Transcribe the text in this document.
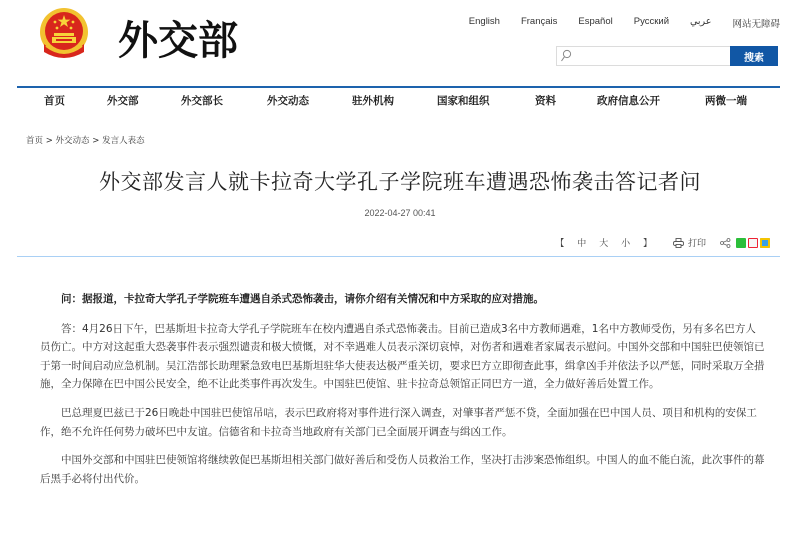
外交部	English Français Español Русский عربي 网站无障碍
搜索
首页	外交部	外交部长	外交动态	驻外机构	国家和组织	资料	政府信息公开	两微一端
首页 > 外交动态 > 发言人表态
外交部发言人就卡拉奇大学孔子学院班车遭遇恐怖袭击答记者问
2022-04-27 00:41
【 中 大 小 】	打印

问：据报道，卡拉奇大学孔子学院班车遭遇自杀式恐怖袭击，请你介绍有关情况和中方采取的应对措施。

答：4月26日下午，巴基斯坦卡拉奇大学孔子学院班车在校内遭遇自杀式恐怖袭击。目前已造成3名中方教师遇难，1名中方教师受伤，另有多名巴方人员伤亡。中方对这起重大恐袭事件表示强烈谴责和极大愤慨，对不幸遇难人员表示深切哀悼，对伤者和遇难者家属表示慰问。中国外交部和中国驻巴使领馆已于第一时间启动应急机制。吴江浩部长助理紧急致电巴基斯坦驻华大使表达极严重关切，要求巴方立即彻查此事，缉拿凶手并依法予以严惩，同时采取万全措施，全力保障在巴中国公民安全，绝不让此类事件再次发生。中国驻巴使馆、驻卡拉奇总领馆正同巴方一道，全力做好善后处置工作。

巴总理夏巴兹已于26日晚赴中国驻巴使馆吊唁，表示巴政府将对事件进行深入调查，对肇事者严惩不贷，全面加强在巴中国人员、项目和机构的安保工作，绝不允许任何势力破坏巴中友谊。信德省和卡拉奇当地政府有关部门已全面展开调查与缉凶工作。

中国外交部和中国驻巴使领馆将继续敦促巴基斯坦相关部门做好善后和受伤人员救治工作，坚决打击涉案恐怖组织。中国人的血不能白流，此次事件的幕后黑手必将付出代价。
